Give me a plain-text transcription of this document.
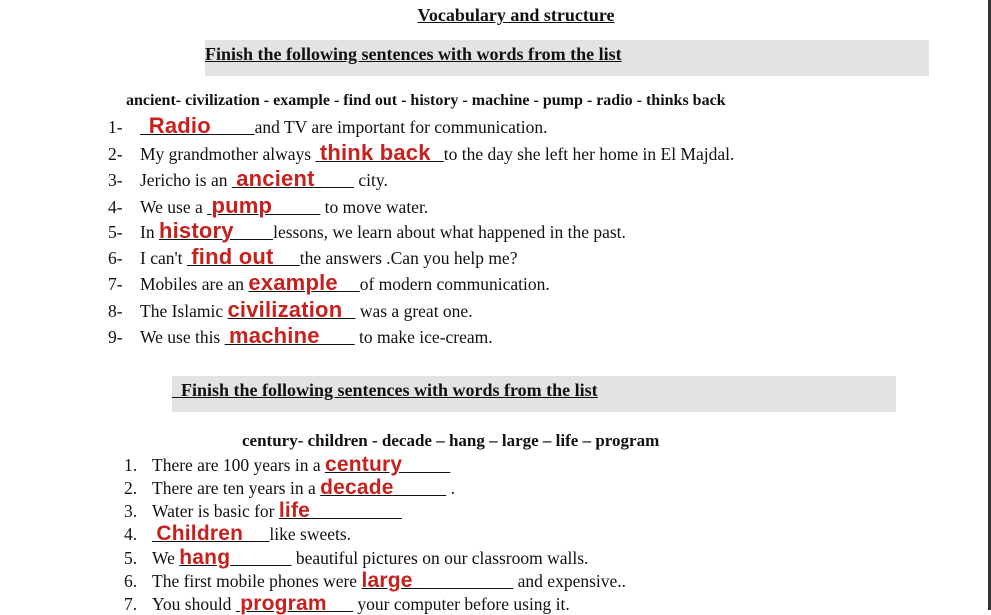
Vocabulary and structure
Finish the following sentences with words from the list
ancient- civilization - example - find out - history - machine - pump - radio - thinks back
1- Radio	and TV are important for communication.
2- My grandmother always think back to the day she left her home in El Majdal.
3- Jericho is an ancient	city.
4- We use a pump	to move water.
5- In history lessons, we learn about what happened in the past.
6- I can't find out the answers .Can you help me?
7- Mobiles are an example of modern communication.
8- The Islamic civilization was a great one.
9- We use this machine to make ice-cream.
Finish the following sentences with words from the list
century- children - decade – hang – large – life – program
1. There are 100 years in a century
2. There are ten years in a decade	.
3. Water is basic for life
4. Children like sweets.
5. We hang	beautiful pictures on our classroom walls.
6. The first mobile phones were large	and expensive..
7. You should program your computer before using it.
